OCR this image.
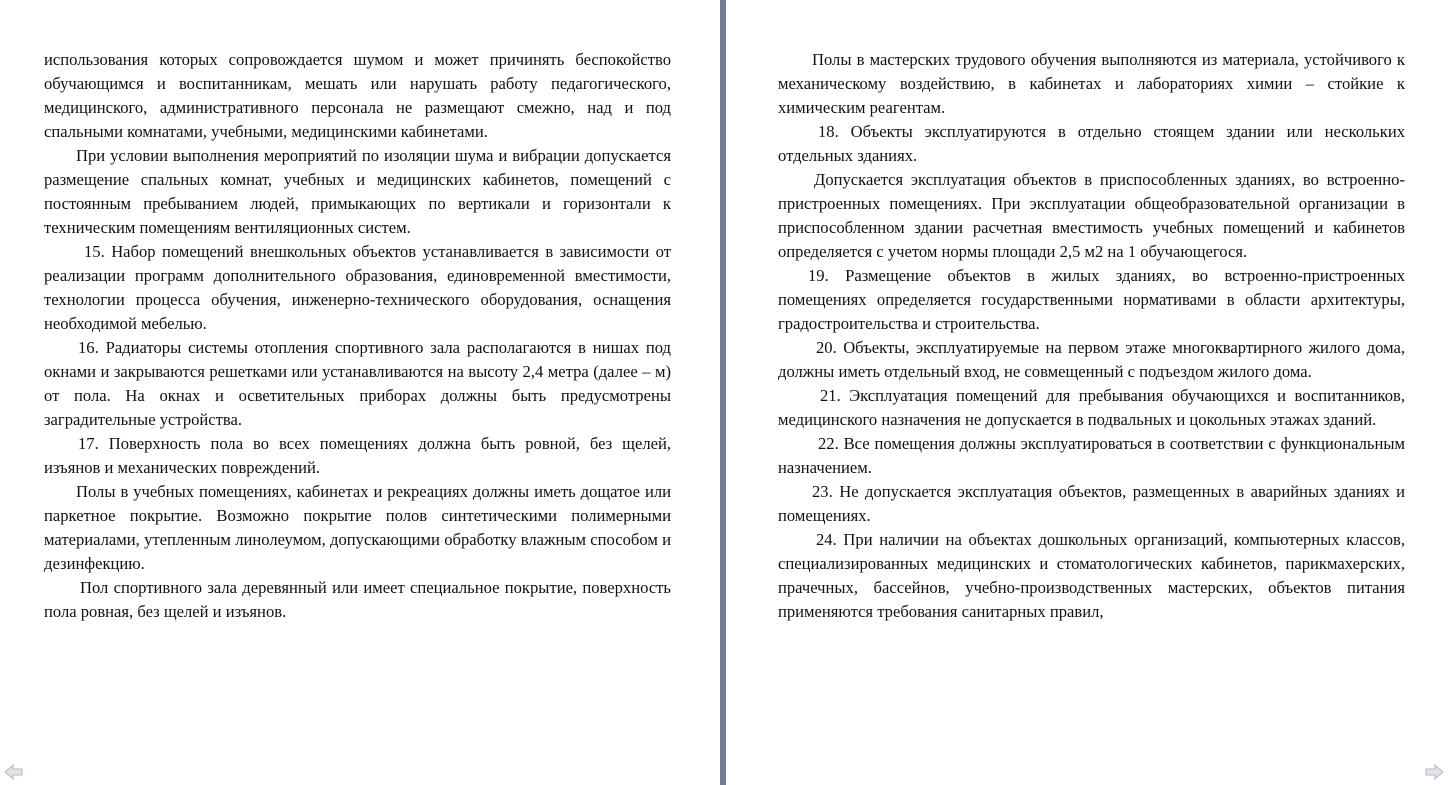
использования которых сопровождается шумом и может причинять беспокойство обучающимся и воспитанникам, мешать или нарушать работу педагогического, медицинского, административного персонала не размещают смежно, над и под спальными комнатами, учебными, медицинскими кабинетами.

При условии выполнения мероприятий по изоляции шума и вибрации допускается размещение спальных комнат, учебных и медицинских кабинетов, помещений с постоянным пребыванием людей, примыкающих по вертикали и горизонтали к техническим помещениям вентиляционных систем.

15. Набор помещений внешкольных объектов устанавливается в зависимости от реализации программ дополнительного образования, единовременной вместимости, технологии процесса обучения, инженерно-технического оборудования, оснащения необходимой мебелью.

16. Радиаторы системы отопления спортивного зала располагаются в нишах под окнами и закрываются решетками или устанавливаются на высоту 2,4 метра (далее – м) от пола. На окнах и осветительных приборах должны быть предусмотрены заградительные устройства.

17. Поверхность пола во всех помещениях должна быть ровной, без щелей, изъянов и механических повреждений.

Полы в учебных помещениях, кабинетах и рекреациях должны иметь дощатое или паркетное покрытие. Возможно покрытие полов синтетическими полимерными материалами, утепленным линолеумом, допускающими обработку влажным способом и дезинфекцию.

Пол спортивного зала деревянный или имеет специальное покрытие, поверхность пола ровная, без щелей и изъянов.

Полы в мастерских трудового обучения выполняются из материала, устойчивого к механическому воздействию, в кабинетах и лабораториях химии – стойкие к химическим реагентам.

18. Объекты эксплуатируются в отдельно стоящем здании или нескольких отдельных зданиях.

Допускается эксплуатация объектов в приспособленных зданиях, во встроенно-пристроенных помещениях. При эксплуатации общеобразовательной организации в приспособленном здании расчетная вместимость учебных помещений и кабинетов определяется с учетом нормы площади 2,5 м2 на 1 обучающегося.

19. Размещение объектов в жилых зданиях, во встроенно-пристроенных помещениях определяется государственными нормативами в области архитектуры, градостроительства и строительства.

20. Объекты, эксплуатируемые на первом этаже многоквартирного жилого дома, должны иметь отдельный вход, не совмещенный с подъездом жилого дома.

21. Эксплуатация помещений для пребывания обучающихся и воспитанников, медицинского назначения не допускается в подвальных и цокольных этажах зданий.

22. Все помещения должны эксплуатироваться в соответствии с функциональным назначением.

23. Не допускается эксплуатация объектов, размещенных в аварийных зданиях и помещениях.

24. При наличии на объектах дошкольных организаций, компьютерных классов, специализированных медицинских и стоматологических кабинетов, парикмахерских, прачечных, бассейнов, учебно-производственных мастерских, объектов питания применяются требования санитарных правил,
